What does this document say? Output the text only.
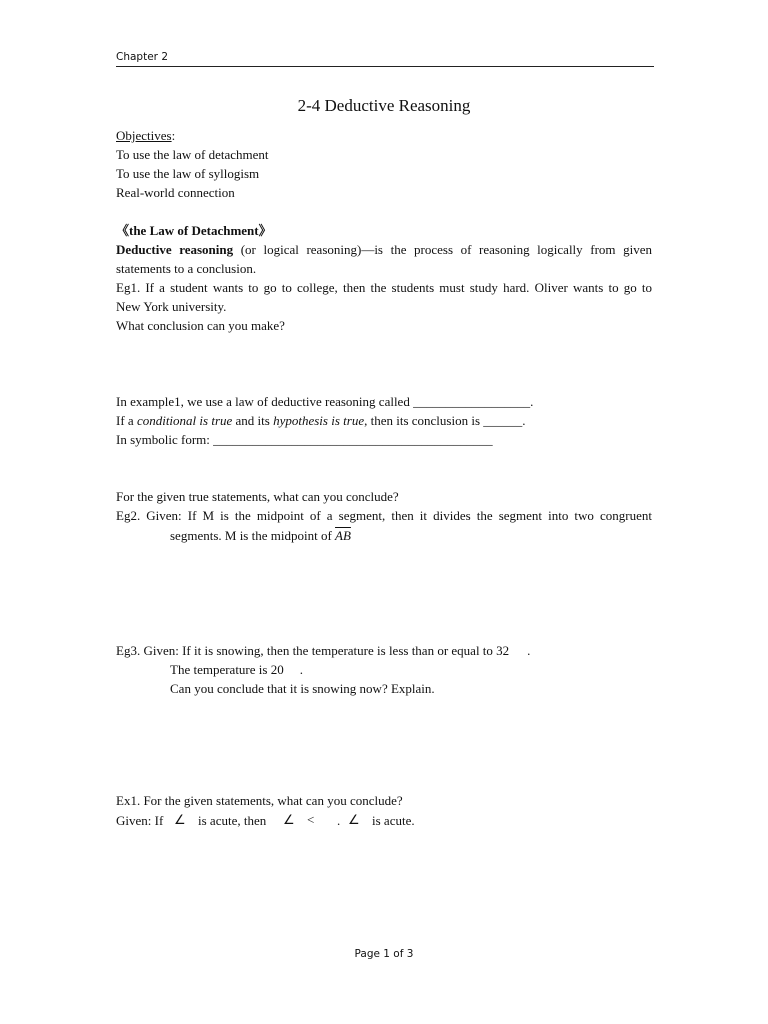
Chapter 2
2-4 Deductive Reasoning
Objectives:
To use the law of detachment
To use the law of syllogism
Real-world connection
《the Law of Detachment》
Deductive reasoning (or logical reasoning)—is the process of reasoning logically from given
statements to a conclusion.
Eg1. If a student wants to go to college, then the students must study hard. Oliver wants to go to
New York university.
What conclusion can you make?
In example1, we use a law of deductive reasoning called __________________.
If a conditional is true and its hypothesis is true, then its conclusion is ______.
In symbolic form: ___________________________________________
For the given true statements, what can you conclude?
Eg2. Given: If M is the midpoint of a segment, then it divides the segment into two congruent
segments. M is the midpoint of $\overline{AB}$
Eg3. Given: If it is snowing, then the temperature is less than or equal to 32 .
The temperature is 20 .
Can you conclude that it is snowing now? Explain.
Ex1. For the given statements, what can you conclude?
Given: If ∠ is acute, then ∠ < . ∠ is acute.
Page 1 of 3
